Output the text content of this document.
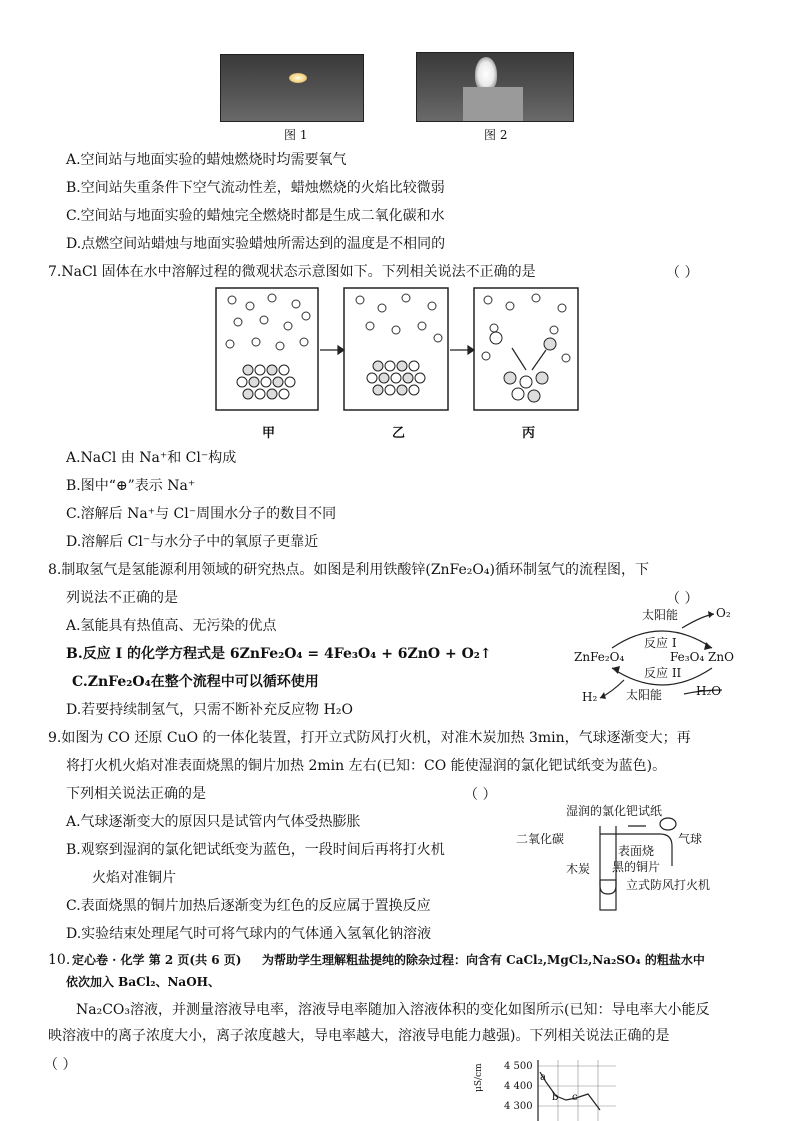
图 1	图 2
A.空间站与地面实验的蜡烛燃烧时均需要氧气
B.空间站失重条件下空气流动性差，蜡烛燃烧的火焰比较微弱
C.空间站与地面实验的蜡烛完全燃烧时都是生成二氧化碳和水
D.点燃空间站蜡烛与地面实验蜡烛所需达到的温度是不相同的
7.NaCl 固体在水中溶解过程的微观状态示意图如下。下列相关说法不正确的是	（ ）
甲	乙	丙
A.NaCl 由 Na⁺和 Cl⁻构成
B.图中“⊕”表示 Na⁺
C.溶解后 Na⁺与 Cl⁻周围水分子的数目不同
D.溶解后 Cl⁻与水分子中的氧原子更靠近
8.制取氢气是氢能源利用领域的研究热点。如图是利用铁酸锌(ZnFe₂O₄)循环制氢气的流程图，下
列说法不正确的是	（ ）
A.氢能具有热值高、无污染的优点
B.反应 I 的化学方程式是 6ZnFe₂O₄ = 4Fe₃O₄ + 6ZnO + O₂↑
C.ZnFe₂O₄在整个流程中可以循环使用
D.若要持续制氢气，只需不断补充反应物 H₂O
太阳能	O₂
反应 I
ZnFe₂O₄	Fe₃O₄ ZnO
反应 II
H₂ 太阳能	H₂O
9.如图为 CO 还原 CuO 的一体化装置，打开立式防风打火机，对准木炭加热 3min，气球逐渐变大；再
将打火机火焰对准表面烧黑的铜片加热 2min 左右(已知：CO 能使湿润的氯化钯试纸变为蓝色)。
下列相关说法正确的是	（ ）
A.气球逐渐变大的原因只是试管内气体受热膨胀
B.观察到湿润的氯化钯试纸变为蓝色，一段时间后再将打火机
火焰对准铜片
C.表面烧黑的铜片加热后逐渐变为红色的反应属于置换反应
D.实验结束处理尾气时可将气球内的气体通入氢氧化钠溶液
湿润的氯化钯试纸
二氧化碳	气球
表面烧
黑的铜片
木炭
立式防风打火机
10. 定心卷 · 化学 第 2 页(共 6 页) 为帮助学生理解粗盐提纯的除杂过程：向含有 CaCl₂,MgCl₂,Na₂SO₄ 的粗盐水中
依次加入 BaCl₂、NaOH、
Na₂CO₃溶液，并测量溶液导电率，溶液导电率随加入溶液体积的变化如图所示(已知：导电率大小能反
映溶液中的离子浓度大小，离子浓度越大，导电率越大，溶液导电能力越强)。下列相关说法正确的是
（ ）	4 500
4 400
4 300
μS/cm	a
b c
